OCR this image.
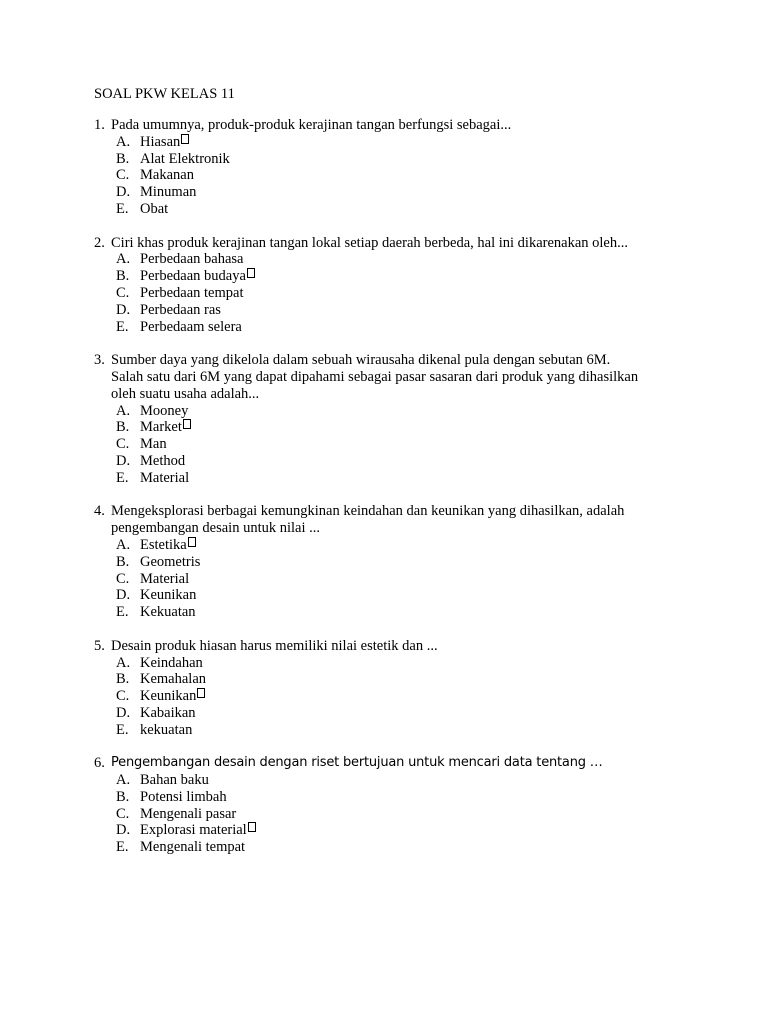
SOAL PKW KELAS 11
1. Pada umumnya, produk-produk kerajinan tangan berfungsi sebagai...
A. Hiasan
B. Alat Elektronik
C. Makanan
D. Minuman
E. Obat
2. Ciri khas produk kerajinan tangan lokal setiap daerah berbeda, hal ini dikarenakan oleh...
A. Perbedaan bahasa
B. Perbedaan budaya
C. Perbedaan tempat
D. Perbedaan ras
E. Perbedaam selera
3. Sumber daya yang dikelola dalam sebuah wirausaha dikenal pula dengan sebutan 6M.
Salah satu dari 6M yang dapat dipahami sebagai pasar sasaran dari produk yang dihasilkan
oleh suatu usaha adalah...
A. Mooney
B. Market
C. Man
D. Method
E. Material
4. Mengeksplorasi berbagai kemungkinan keindahan dan keunikan yang dihasilkan, adalah
pengembangan desain untuk nilai ...
A. Estetika
B. Geometris
C. Material
D. Keunikan
E. Kekuatan
5. Desain produk hiasan harus memiliki nilai estetik dan ...
A. Keindahan
B. Kemahalan
C. Keunikan
D. Kabaikan
E. kekuatan
6. Pengembangan desain dengan riset bertujuan untuk mencari data tentang …
A. Bahan baku
B. Potensi limbah
C. Mengenali pasar
D. Explorasi material
E. Mengenali tempat
